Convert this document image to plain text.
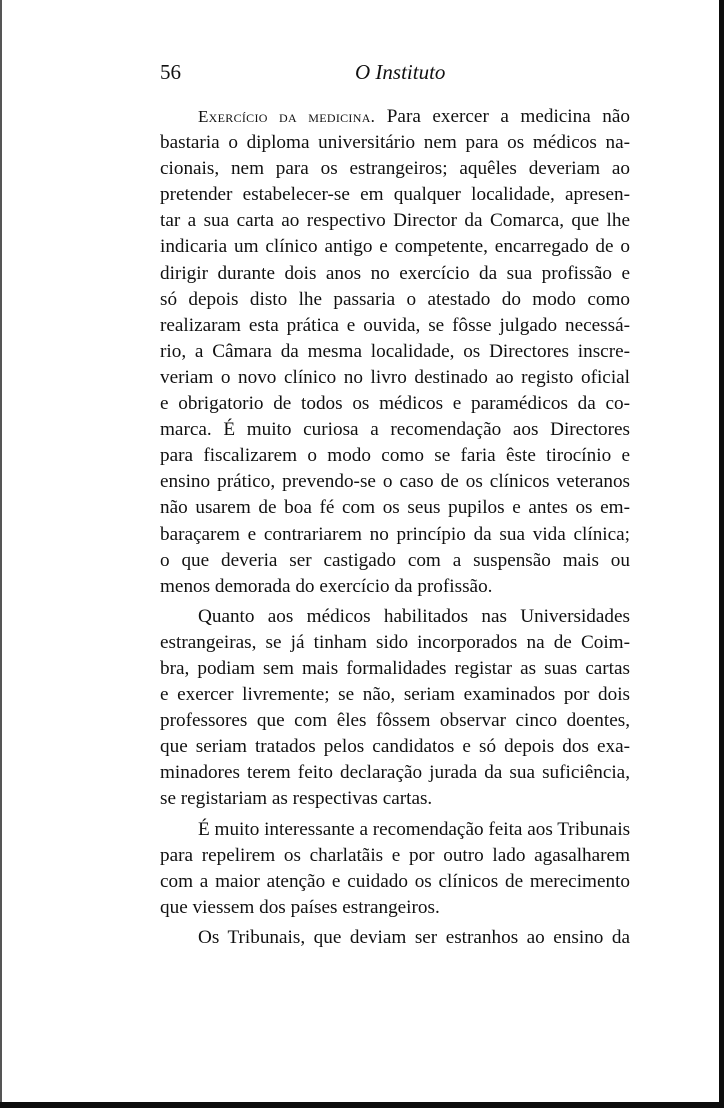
56	O Instituto

Exercício da medicina. Para exercer a medicina não
bastaria o diploma universitário nem para os médicos na-
cionais, nem para os estrangeiros; aquêles deveriam ao
pretender estabelecer-se em qualquer localidade, apresen-
tar a sua carta ao respectivo Director da Comarca, que lhe
indicaria um clínico antigo e competente, encarregado de o
dirigir durante dois anos no exercício da sua profissão e
só depois disto lhe passaria o atestado do modo como
realizaram esta prática e ouvida, se fôsse julgado necessá-
rio, a Câmara da mesma localidade, os Directores inscre-
veriam o novo clínico no livro destinado ao registo oficial
e obrigatorio de todos os médicos e paramédicos da co-
marca. É muito curiosa a recomendação aos Directores
para fiscalizarem o modo como se faria êste tirocínio e
ensino prático, prevendo-se o caso de os clínicos veteranos
não usarem de boa fé com os seus pupilos e antes os em-
baraçarem e contrariarem no princípio da sua vida clínica;
o que deveria ser castigado com a suspensão mais ou
menos demorada do exercício da profissão.

Quanto aos médicos habilitados nas Universidades
estrangeiras, se já tinham sido incorporados na de Coim-
bra, podiam sem mais formalidades registar as suas cartas
e exercer livremente; se não, seriam examinados por dois
professores que com êles fôssem observar cinco doentes,
que seriam tratados pelos candidatos e só depois dos exa-
minadores terem feito declaração jurada da sua suficiência,
se registariam as respectivas cartas.

É muito interessante a recomendação feita aos Tribunais
para repelirem os charlatãis e por outro lado agasalharem
com a maior atenção e cuidado os clínicos de merecimento
que viessem dos países estrangeiros.

Os Tribunais, que deviam ser estranhos ao ensino da
